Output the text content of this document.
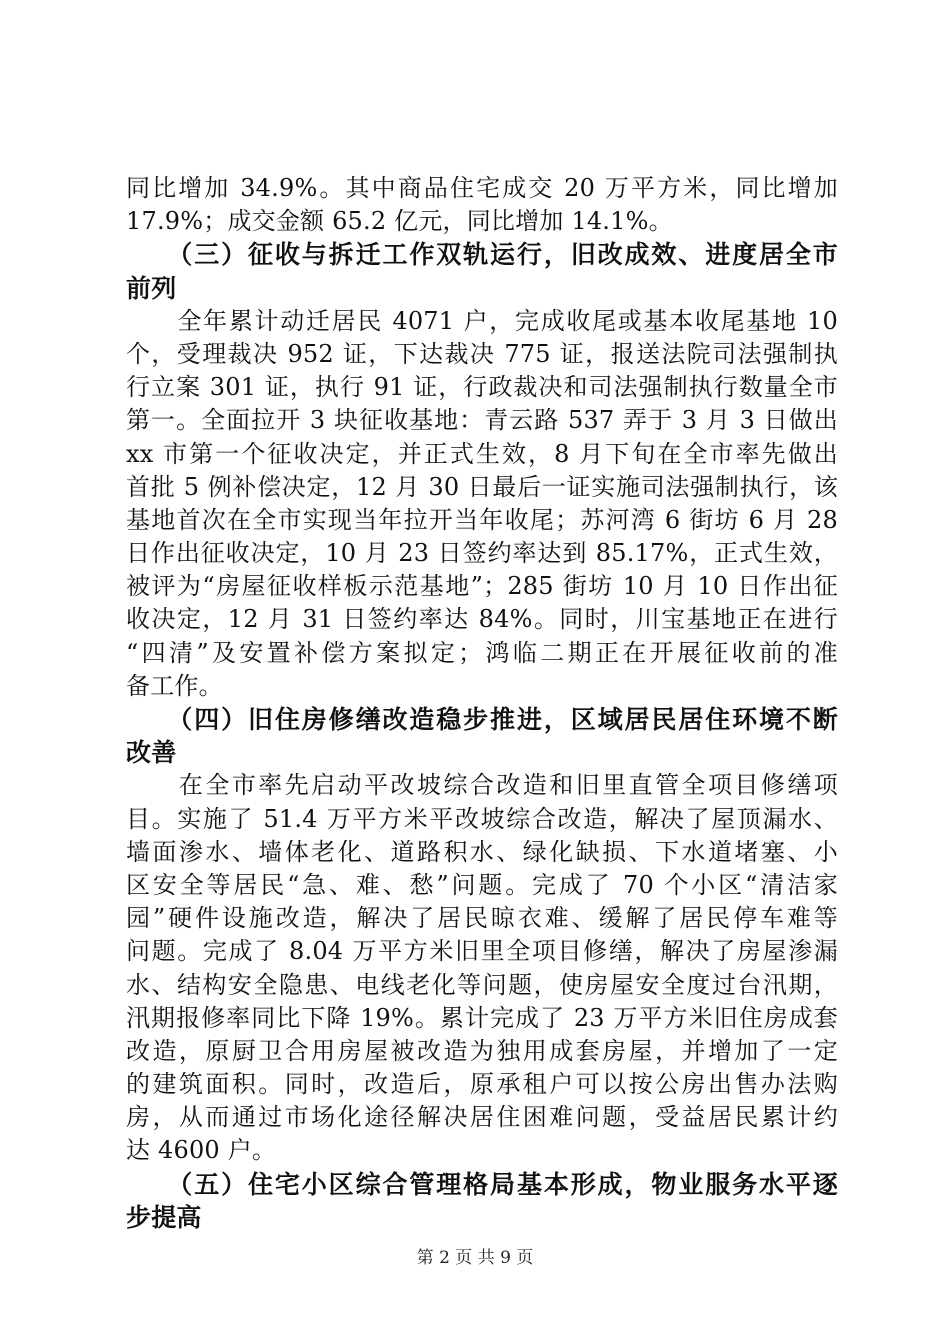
同比增加 34.9%。其中商品住宅成交 20 万平方米，同比增加
17.9%；成交金额 65.2 亿元，同比增加 14.1%。
　　（三）征收与拆迁工作双轨运行，旧改成效、进度居全市
前列
　　全年累计动迁居民 4071 户，完成收尾或基本收尾基地 10
个，受理裁决 952 证，下达裁决 775 证，报送法院司法强制执
行立案 301 证，执行 91 证，行政裁决和司法强制执行数量全市
第一。全面拉开 3 块征收基地：青云路 537 弄于 3 月 3 日做出
xx 市第一个征收决定，并正式生效，8 月下旬在全市率先做出
首批 5 例补偿决定，12 月 30 日最后一证实施司法强制执行，该
基地首次在全市实现当年拉开当年收尾；苏河湾 6 街坊 6 月 28
日作出征收决定，10 月 23 日签约率达到 85.17%，正式生效，
被评为“房屋征收样板示范基地”；285 街坊 10 月 10 日作出征
收决定，12 月 31 日签约率达 84%。同时，川宝基地正在进行
“四清”及安置补偿方案拟定；鸿临二期正在开展征收前的准
备工作。
　　（四）旧住房修缮改造稳步推进，区域居民居住环境不断
改善
　　在全市率先启动平改坡综合改造和旧里直管全项目修缮项
目。实施了 51.4 万平方米平改坡综合改造，解决了屋顶漏水、
墙面渗水、墙体老化、道路积水、绿化缺损、下水道堵塞、小
区安全等居民“急、难、愁”问题。完成了 70 个小区“清洁家
园”硬件设施改造，解决了居民晾衣难、缓解了居民停车难等
问题。完成了 8.04 万平方米旧里全项目修缮，解决了房屋渗漏
水、结构安全隐患、电线老化等问题，使房屋安全度过台汛期，
汛期报修率同比下降 19%。累计完成了 23 万平方米旧住房成套
改造，原厨卫合用房屋被改造为独用成套房屋，并增加了一定
的建筑面积。同时，改造后，原承租户可以按公房出售办法购
房，从而通过市场化途径解决居住困难问题，受益居民累计约
达 4600 户。
　　（五）住宅小区综合管理格局基本形成，物业服务水平逐
步提高
第 2 页 共 9 页
